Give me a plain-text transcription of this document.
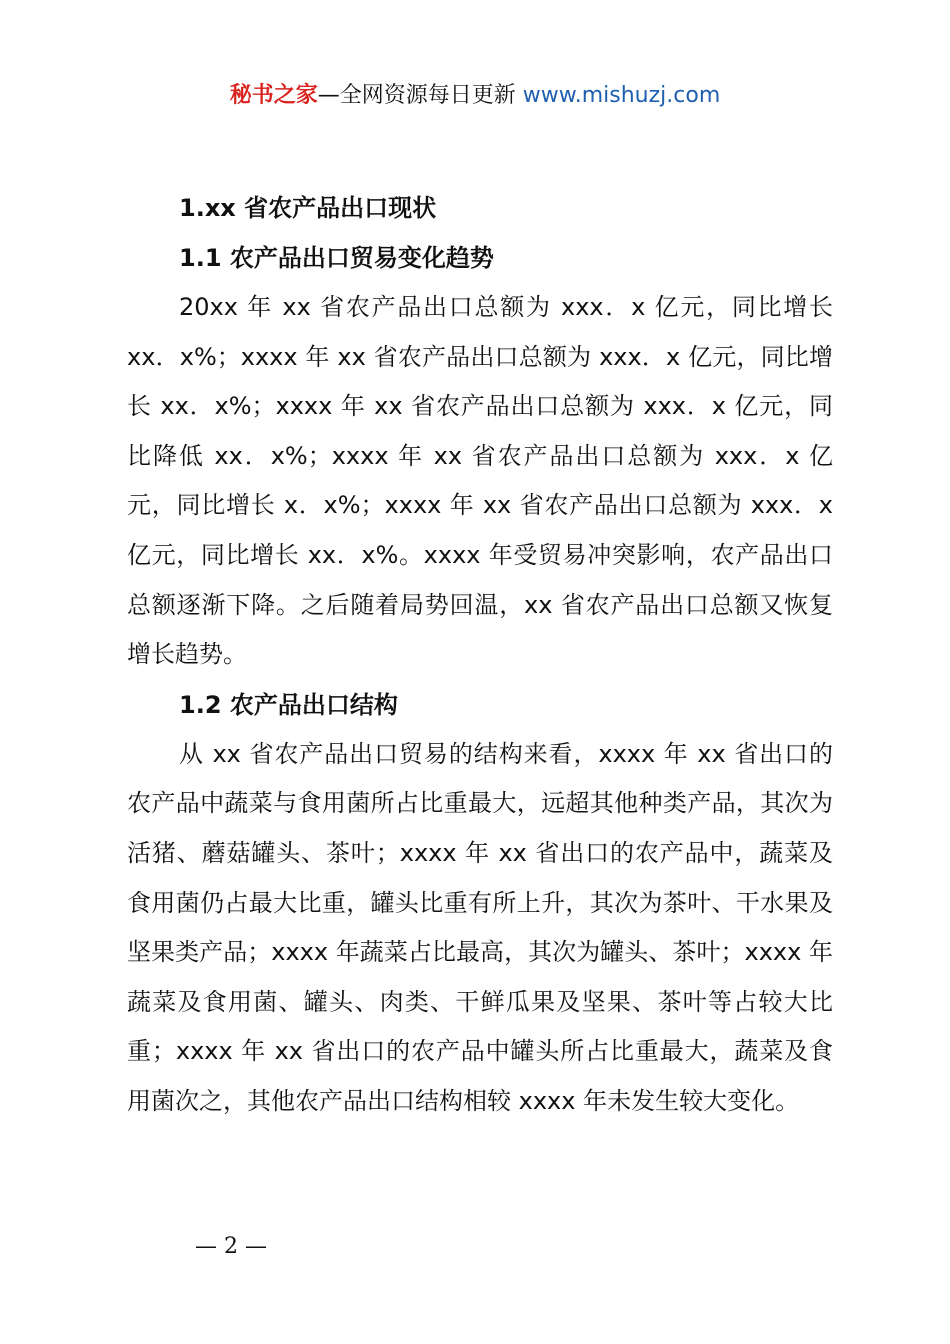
秘书之家—全网资源每日更新 www.mishuzj.com
1.xx 省农产品出口现状
1.1 农产品出口贸易变化趋势

20xx 年 xx 省农产品出口总额为 xxx．x 亿元，同比增长 xx．x%；xxxx 年 xx 省农产品出口总额为 xxx．x 亿元，同比增长 xx．x%；xxxx 年 xx 省农产品出口总额为 xxx．x 亿元，同比降低 xx．x%；xxxx 年 xx 省农产品出口总额为 xxx．x 亿元，同比增长 x．x%；xxxx 年 xx 省农产品出口总额为 xxx．x 亿元，同比增长 xx．x%。xxxx 年受贸易冲突影响，农产品出口总额逐渐下降。之后随着局势回温，xx 省农产品出口总额又恢复增长趋势。

1.2 农产品出口结构

从 xx 省农产品出口贸易的结构来看，xxxx 年 xx 省出口的农产品中蔬菜与食用菌所占比重最大，远超其他种类产品，其次为活猪、蘑菇罐头、茶叶；xxxx 年 xx 省出口的农产品中，蔬菜及食用菌仍占最大比重，罐头比重有所上升，其次为茶叶、干水果及坚果类产品；xxxx 年蔬菜占比最高，其次为罐头、茶叶；xxxx 年蔬菜及食用菌、罐头、肉类、干鲜瓜果及坚果、茶叶等占较大比重；xxxx 年 xx 省出口的农产品中罐头所占比重最大，蔬菜及食用菌次之，其他农产品出口结构相较 xxxx 年未发生较大变化。

— 2 —
